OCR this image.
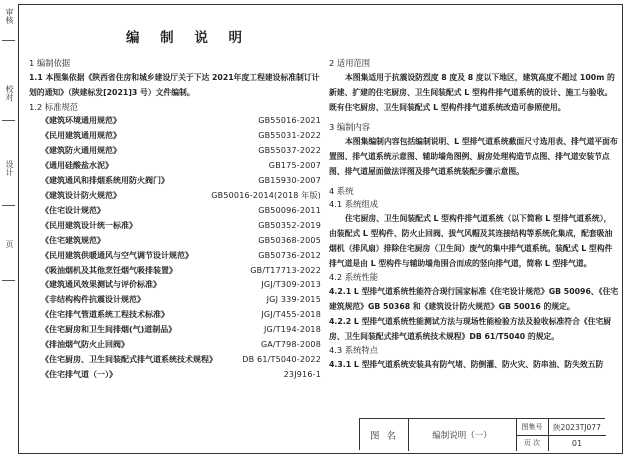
审核
校对
设计
页
编 制 说 明
1 编制依据
1.1 本图集依据《陕西省住房和城乡建设厅关于下达 2021年度工程建设标准制订计划的通知》（陕建标发[2021]3 号）文件编制。
1.2 标准规范
《建筑环境通用规范》	GB55016-2021
《民用建筑通用规范》	GB55031-2022
《建筑防火通用规范》	GB55037-2022
《通用硅酸盐水泥》	GB175-2007
《建筑通风和排烟系统用防火阀门》	GB15930-2007
《建筑设计防火规范》	GB50016-2014(2018 年版)
《住宅设计规范》	GB50096-2011
《民用建筑设计统一标准》	GB50352-2019
《住宅建筑规范》	GB50368-2005
《民用建筑供暖通风与空气调节设计规范》	GB50736-2012
《吸油烟机及其他烹饪烟气吸排装置》	GB/T17713-2022
《建筑通风效果测试与评价标准》	JGJ/T309-2013
《非结构构件抗震设计规范》	JGJ 339-2015
《住宅排气管道系统工程技术标准》	JGJ/T455-2018
《住宅厨房和卫生间排烟(气)道制品》	JG/T194-2018
《排油烟气防火止回阀》	GA/T798-2008
《住宅厨房、卫生间装配式排气道系统技术规程》	DB 61/T5040-2022
《住宅排气道（一）》	23J916-1
2 适用范围
本图集适用于抗震设防烈度 8 度及 8 度以下地区，建筑高度不超过 100m 的新建、扩建的住宅厨房、卫生间装配式 L 型构件排气道系统的设计、施工与验收。既有住宅厨房、卫生间装配式 L 型构件排气道系统改造可参照使用。
3 编制内容
本图集编制内容包括编制说明、L 型排气道系统截面尺寸选用表、排气道平面布置图、排气道系统示意图、辅助墙角图例、厨房处理构造节点图、排气道安装节点图、排气道屋面做法详图及排气道系统装配步骤示意图。
4 系统
4.1 系统组成
住宅厨房、卫生间装配式 L 型构件排气道系统（以下简称 L 型排气道系统），由装配式 L 型构件、防火止回阀、拔气风帽及其连接结构等系统化集成，配套吸油烟机（排风扇）排除住宅厨房（卫生间）废气的集中排气道系统。装配式 L 型构件排气道是由 L 型构件与辅助墙角围合而成的竖向排气道，简称 L 型排气道。
4.2 系统性能
4.2.1 L 型排气道系统性能符合现行国家标准《住宅设计规范》GB 50096、《住宅建筑规范》GB 50368 和《建筑设计防火规范》GB 50016 的规定。
4.2.2 L 型排气道系统性能测试方法与现场性能检验方法及验收标准符合《住宅厨房、卫生间装配式排气道系统技术规程》DB 61/T5040 的规定。
4.3 系统特点
4.3.1 L 型排气道系统安装具有防气堵、防倒灌、防火灾、防串油、防失效五防
图 名	编制说明（一）
图集号	陕2023TJ077
页 次	01
